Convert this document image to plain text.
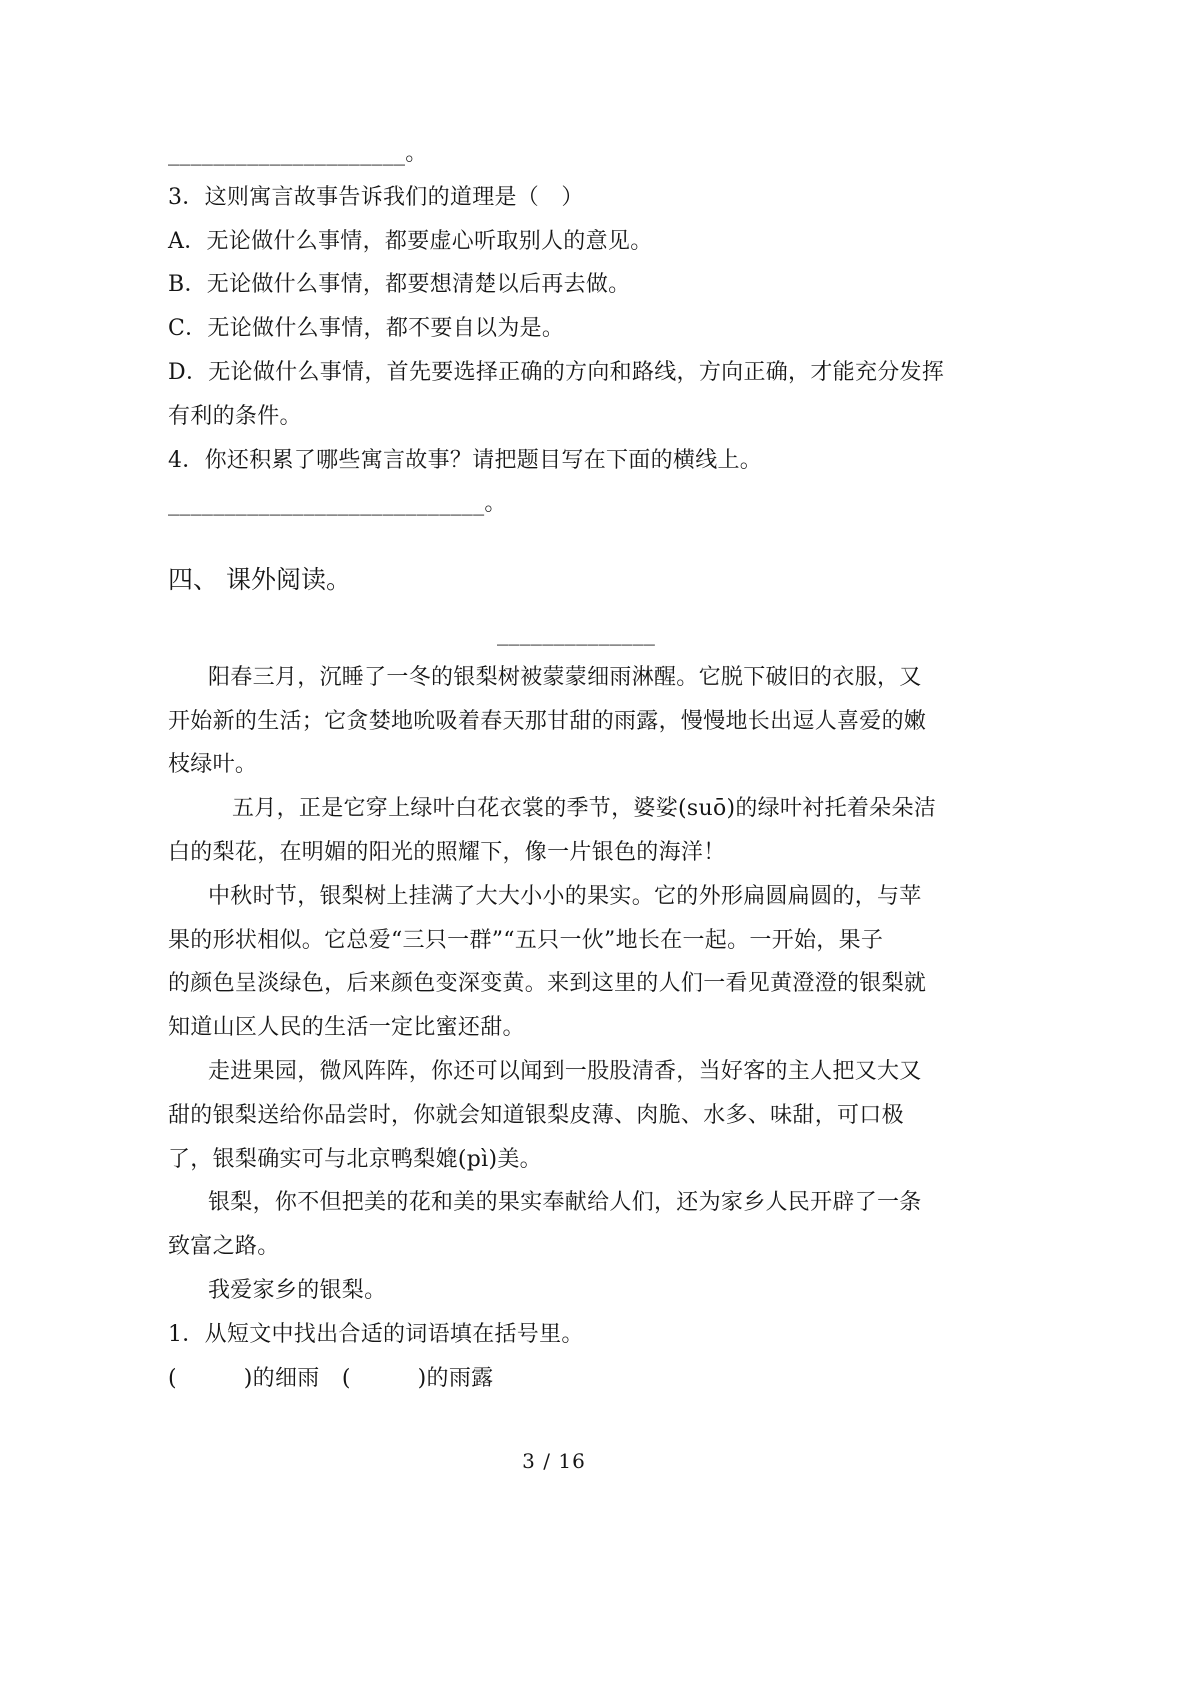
_____________________。
3．这则寓言故事告诉我们的道理是（　）
A．无论做什么事情，都要虚心听取别人的意见。
B．无论做什么事情，都要想清楚以后再去做。
C．无论做什么事情，都不要自以为是。
D．无论做什么事情，首先要选择正确的方向和路线，方向正确，才能充分发挥
有利的条件。
4．你还积累了哪些寓言故事？请把题目写在下面的横线上。
____________________________。
四、 课外阅读。
______________
阳春三月，沉睡了一冬的银梨树被蒙蒙细雨淋醒。它脱下破旧的衣服，又
开始新的生活；它贪婪地吮吸着春天那甘甜的雨露，慢慢地长出逗人喜爱的嫩
枝绿叶。
五月，正是它穿上绿叶白花衣裳的季节，婆娑(suō)的绿叶衬托着朵朵洁
白的梨花，在明媚的阳光的照耀下，像一片银色的海洋！
中秋时节，银梨树上挂满了大大小小的果实。它的外形扁圆扁圆的，与苹
果的形状相似。它总爱“三只一群”“五只一伙”地长在一起。一开始，果子
的颜色呈淡绿色，后来颜色变深变黄。来到这里的人们一看见黄澄澄的银梨就
知道山区人民的生活一定比蜜还甜。
走进果园，微风阵阵，你还可以闻到一股股清香，当好客的主人把又大又
甜的银梨送给你品尝时，你就会知道银梨皮薄、肉脆、水多、味甜，可口极
了，银梨确实可与北京鸭梨媲(pì)美。
银梨，你不但把美的花和美的果实奉献给人们，还为家乡人民开辟了一条
致富之路。
我爱家乡的银梨。
1．从短文中找出合适的词语填在括号里。
(　　　)的细雨　(　　　)的雨露
3 / 16
